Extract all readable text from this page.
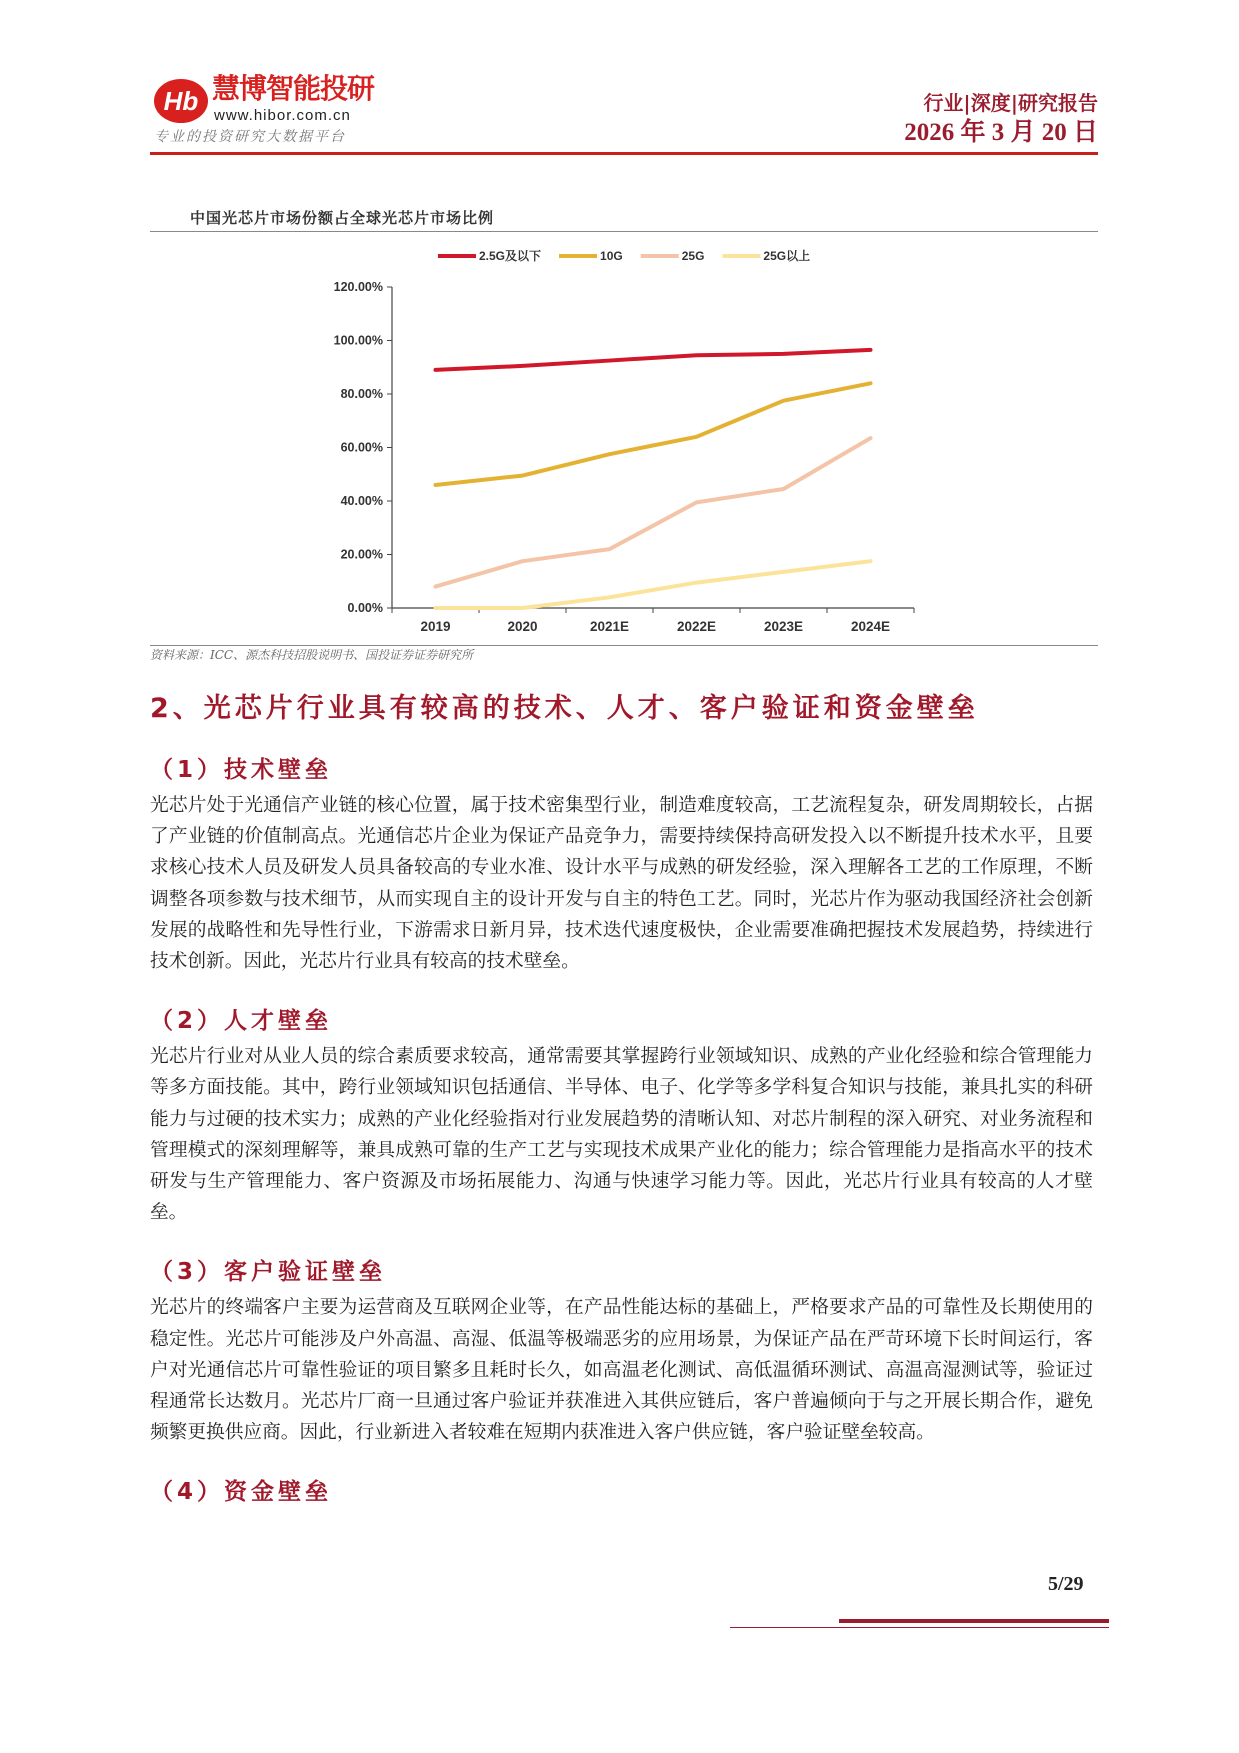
Hb 慧博智能投研
www.hibor.com.cn
专业的投资研究大数据平台
行业|深度|研究报告
2026 年 3 月 20 日
中国光芯片市场份额占全球光芯片市场比例
0.00%
20.00%
40.00%
60.00%
80.00%
100.00%
120.00%
2019	2020	2021E	2022E	2023E	2024E
2.5G及以下	10G	25G	25G以上
资料来源：ICC、源杰科技招股说明书、国投证券证券研究所
2、光芯片行业具有较高的技术、人才、客户验证和资金壁垒
（1）技术壁垒
光芯片处于光通信产业链的核心位置，属于技术密集型行业，制造难度较高，工艺流程复杂，研发周期较长，占据了产业链的价值制高点。光通信芯片企业为保证产品竞争力，需要持续保持高研发投入以不断提升技术水平，且要求核心技术人员及研发人员具备较高的专业水准、设计水平与成熟的研发经验，深入理解各工艺的工作原理，不断调整各项参数与技术细节，从而实现自主的设计开发与自主的特色工艺。同时，光芯片作为驱动我国经济社会创新发展的战略性和先导性行业，下游需求日新月异，技术迭代速度极快，企业需要准确把握技术发展趋势，持续进行技术创新。因此，光芯片行业具有较高的技术壁垒。
（2）人才壁垒
光芯片行业对从业人员的综合素质要求较高，通常需要其掌握跨行业领域知识、成熟的产业化经验和综合管理能力等多方面技能。其中，跨行业领域知识包括通信、半导体、电子、化学等多学科复合知识与技能，兼具扎实的科研能力与过硬的技术实力；成熟的产业化经验指对行业发展趋势的清晰认知、对芯片制程的深入研究、对业务流程和管理模式的深刻理解等，兼具成熟可靠的生产工艺与实现技术成果产业化的能力；综合管理能力是指高水平的技术研发与生产管理能力、客户资源及市场拓展能力、沟通与快速学习能力等。因此，光芯片行业具有较高的人才壁垒。
（3）客户验证壁垒
光芯片的终端客户主要为运营商及互联网企业等，在产品性能达标的基础上，严格要求产品的可靠性及长期使用的稳定性。光芯片可能涉及户外高温、高湿、低温等极端恶劣的应用场景，为保证产品在严苛环境下长时间运行，客户对光通信芯片可靠性验证的项目繁多且耗时长久，如高温老化测试、高低温循环测试、高温高湿测试等，验证过程通常长达数月。光芯片厂商一旦通过客户验证并获准进入其供应链后，客户普遍倾向于与之开展长期合作，避免频繁更换供应商。因此，行业新进入者较难在短期内获准进入客户供应链，客户验证壁垒较高。
（4）资金壁垒
5/29
